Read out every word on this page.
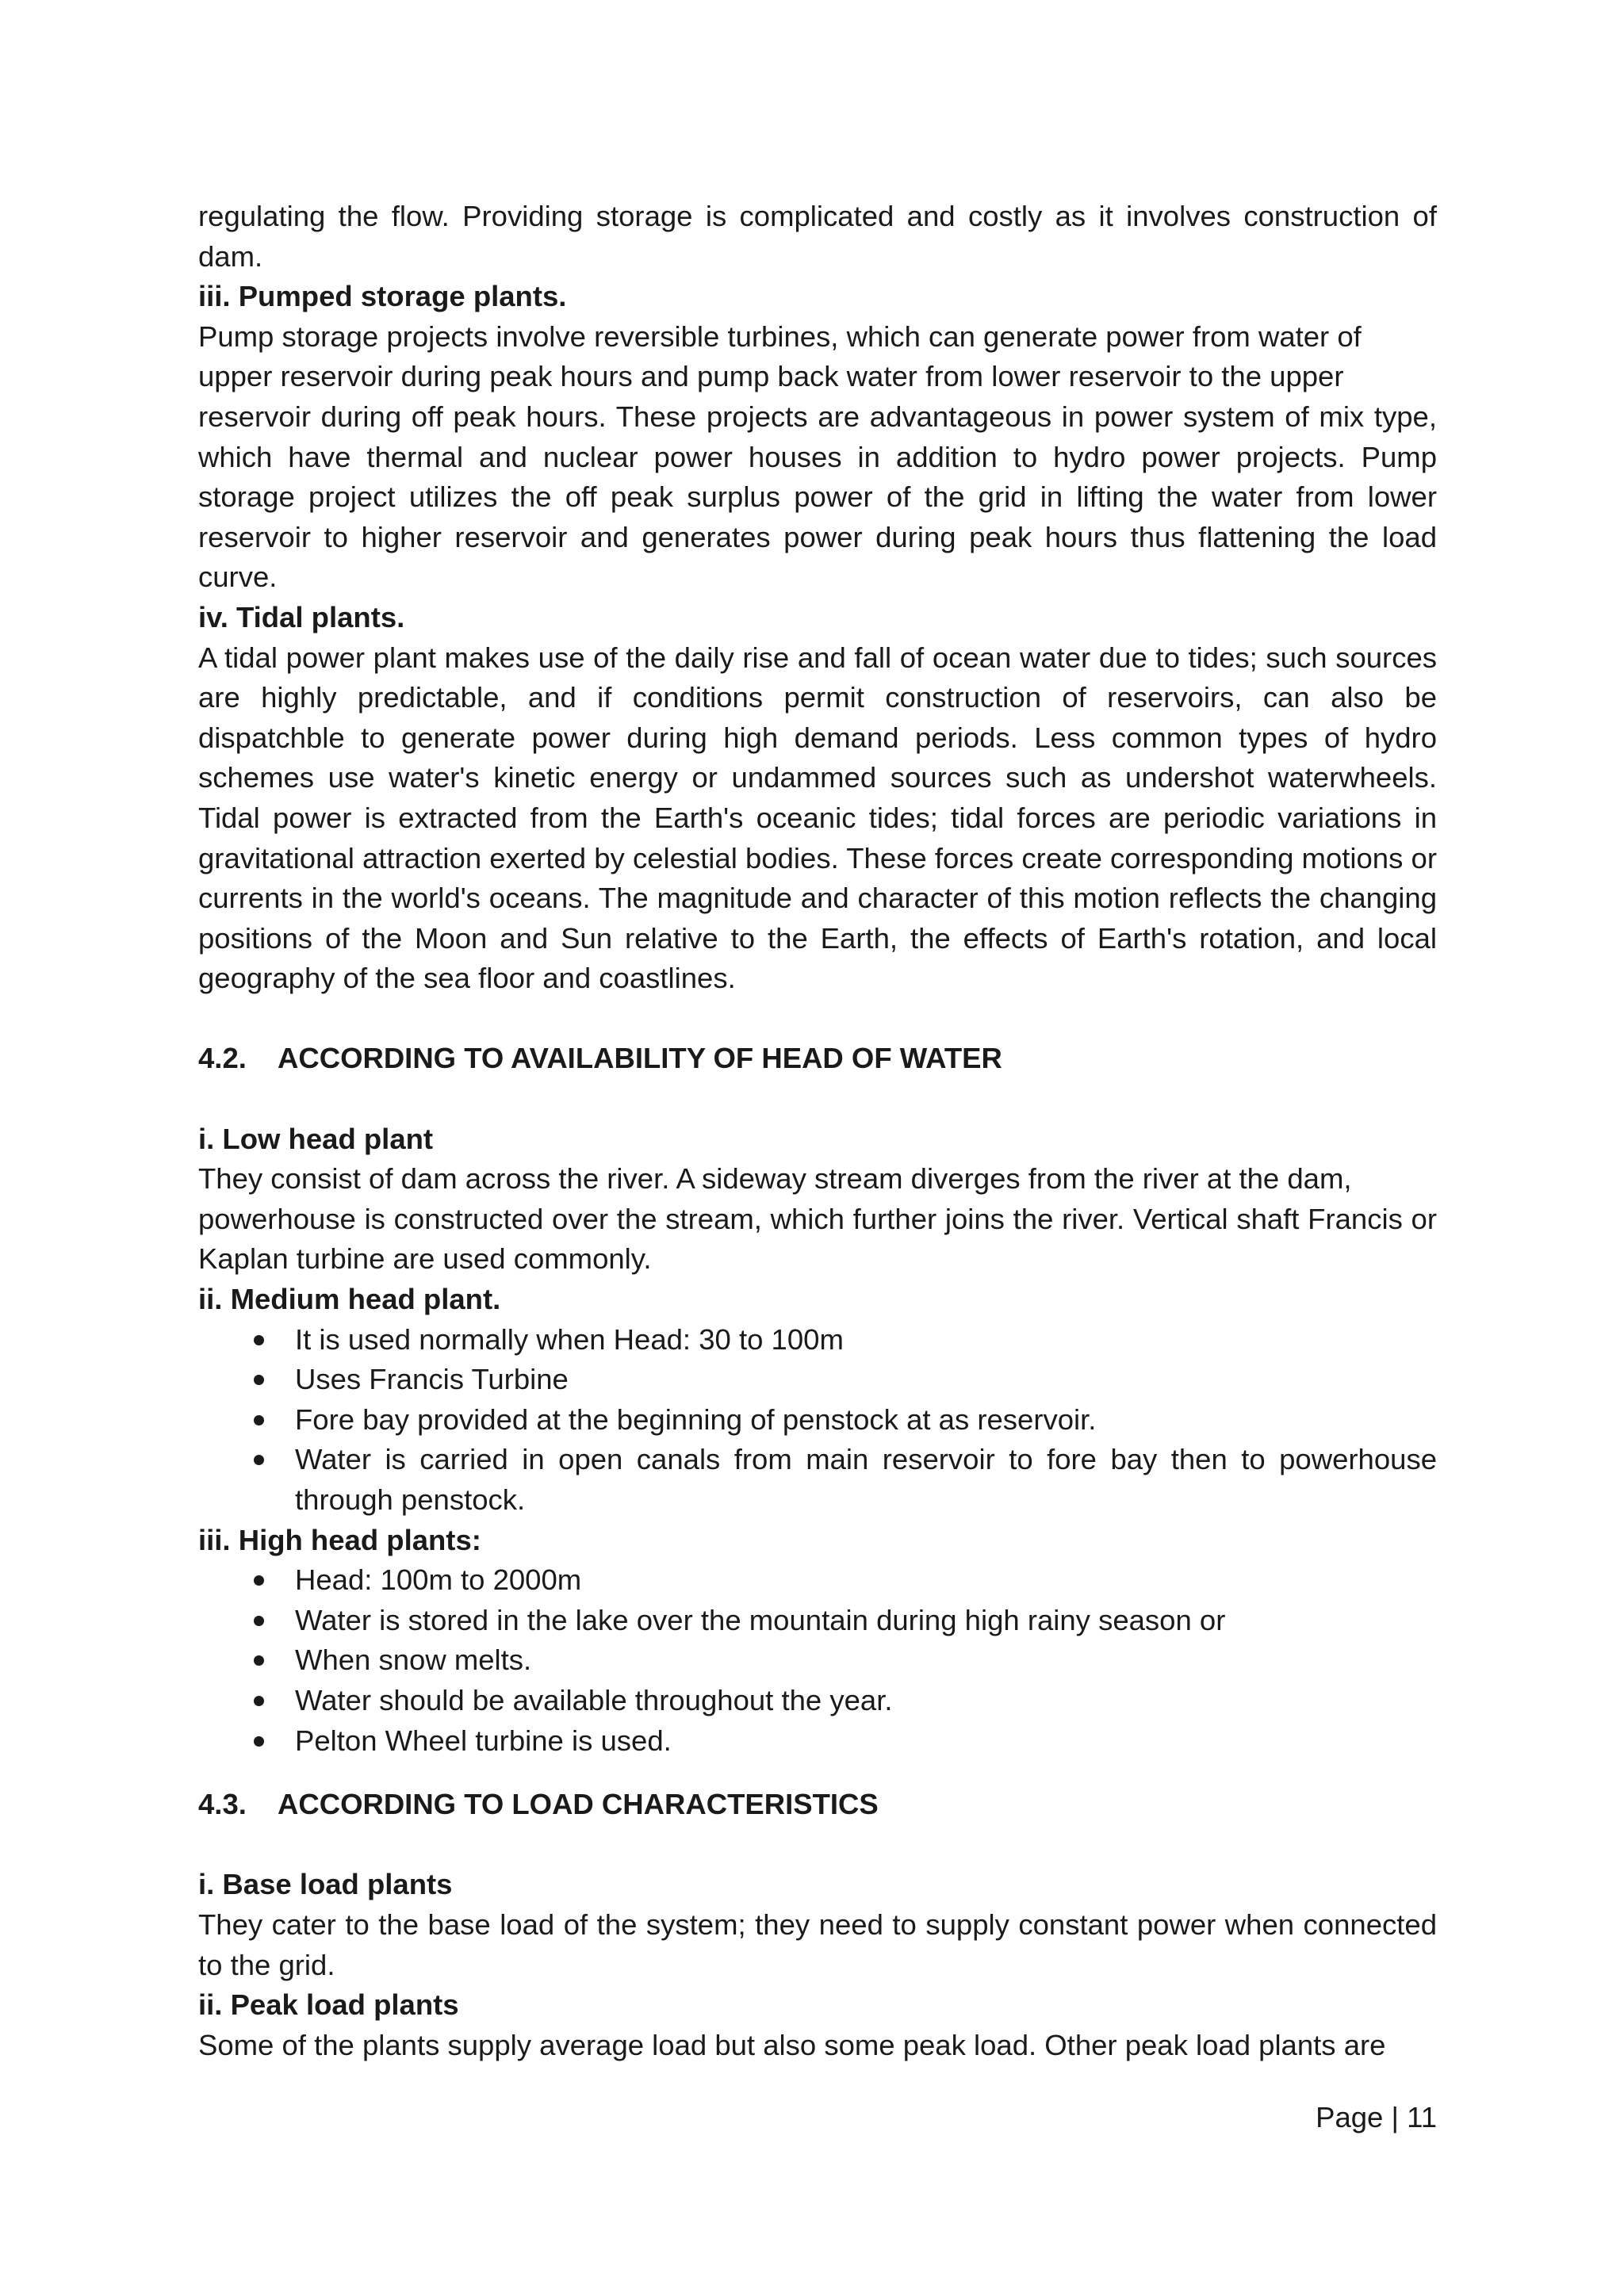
regulating the flow. Providing storage is complicated and costly as it involves construction of dam.

iii. Pumped storage plants.

Pump storage projects involve reversible turbines, which can generate power from water of

upper reservoir during peak hours and pump back water from lower reservoir to the upper

reservoir during off peak hours. These projects are advantageous in power system of mix type, which have thermal and nuclear power houses in addition to hydro power projects. Pump storage project utilizes the off peak surplus power of the grid in lifting the water from lower reservoir to higher reservoir and generates power during peak hours thus flattening the load curve.

iv. Tidal plants.

A tidal power plant makes use of the daily rise and fall of ocean water due to tides; such sources are highly predictable, and if conditions permit construction of reservoirs, can also be dispatchble to generate power during high demand periods. Less common types of hydro schemes use water's kinetic energy or undammed sources such as undershot waterwheels. Tidal power is extracted from the Earth's oceanic tides; tidal forces are periodic variations in gravitational attraction exerted by celestial bodies. These forces create corresponding motions or currents in the world's oceans. The magnitude and character of this motion reflects the changing positions of the Moon and Sun relative to the Earth, the effects of Earth's rotation, and local geography of the sea floor and coastlines.

4.2. ACCORDING TO AVAILABILITY OF HEAD OF WATER

i. Low head plant

They consist of dam across the river. A sideway stream diverges from the river at the dam,

powerhouse is constructed over the stream, which further joins the river. Vertical shaft Francis or Kaplan turbine are used commonly.

ii. Medium head plant.

It is used normally when Head: 30 to 100m
Uses Francis Turbine
Fore bay provided at the beginning of penstock at as reservoir.
Water is carried in open canals from main reservoir to fore bay then to powerhouse through penstock.

iii. High head plants:

Head: 100m to 2000m
Water is stored in the lake over the mountain during high rainy season or
When snow melts.
Water should be available throughout the year.
Pelton Wheel turbine is used.

4.3. ACCORDING TO LOAD CHARACTERISTICS

i. Base load plants

They cater to the base load of the system; they need to supply constant power when connected to the grid.

ii. Peak load plants

Some of the plants supply average load but also some peak load. Other peak load plants are

Page | 11
